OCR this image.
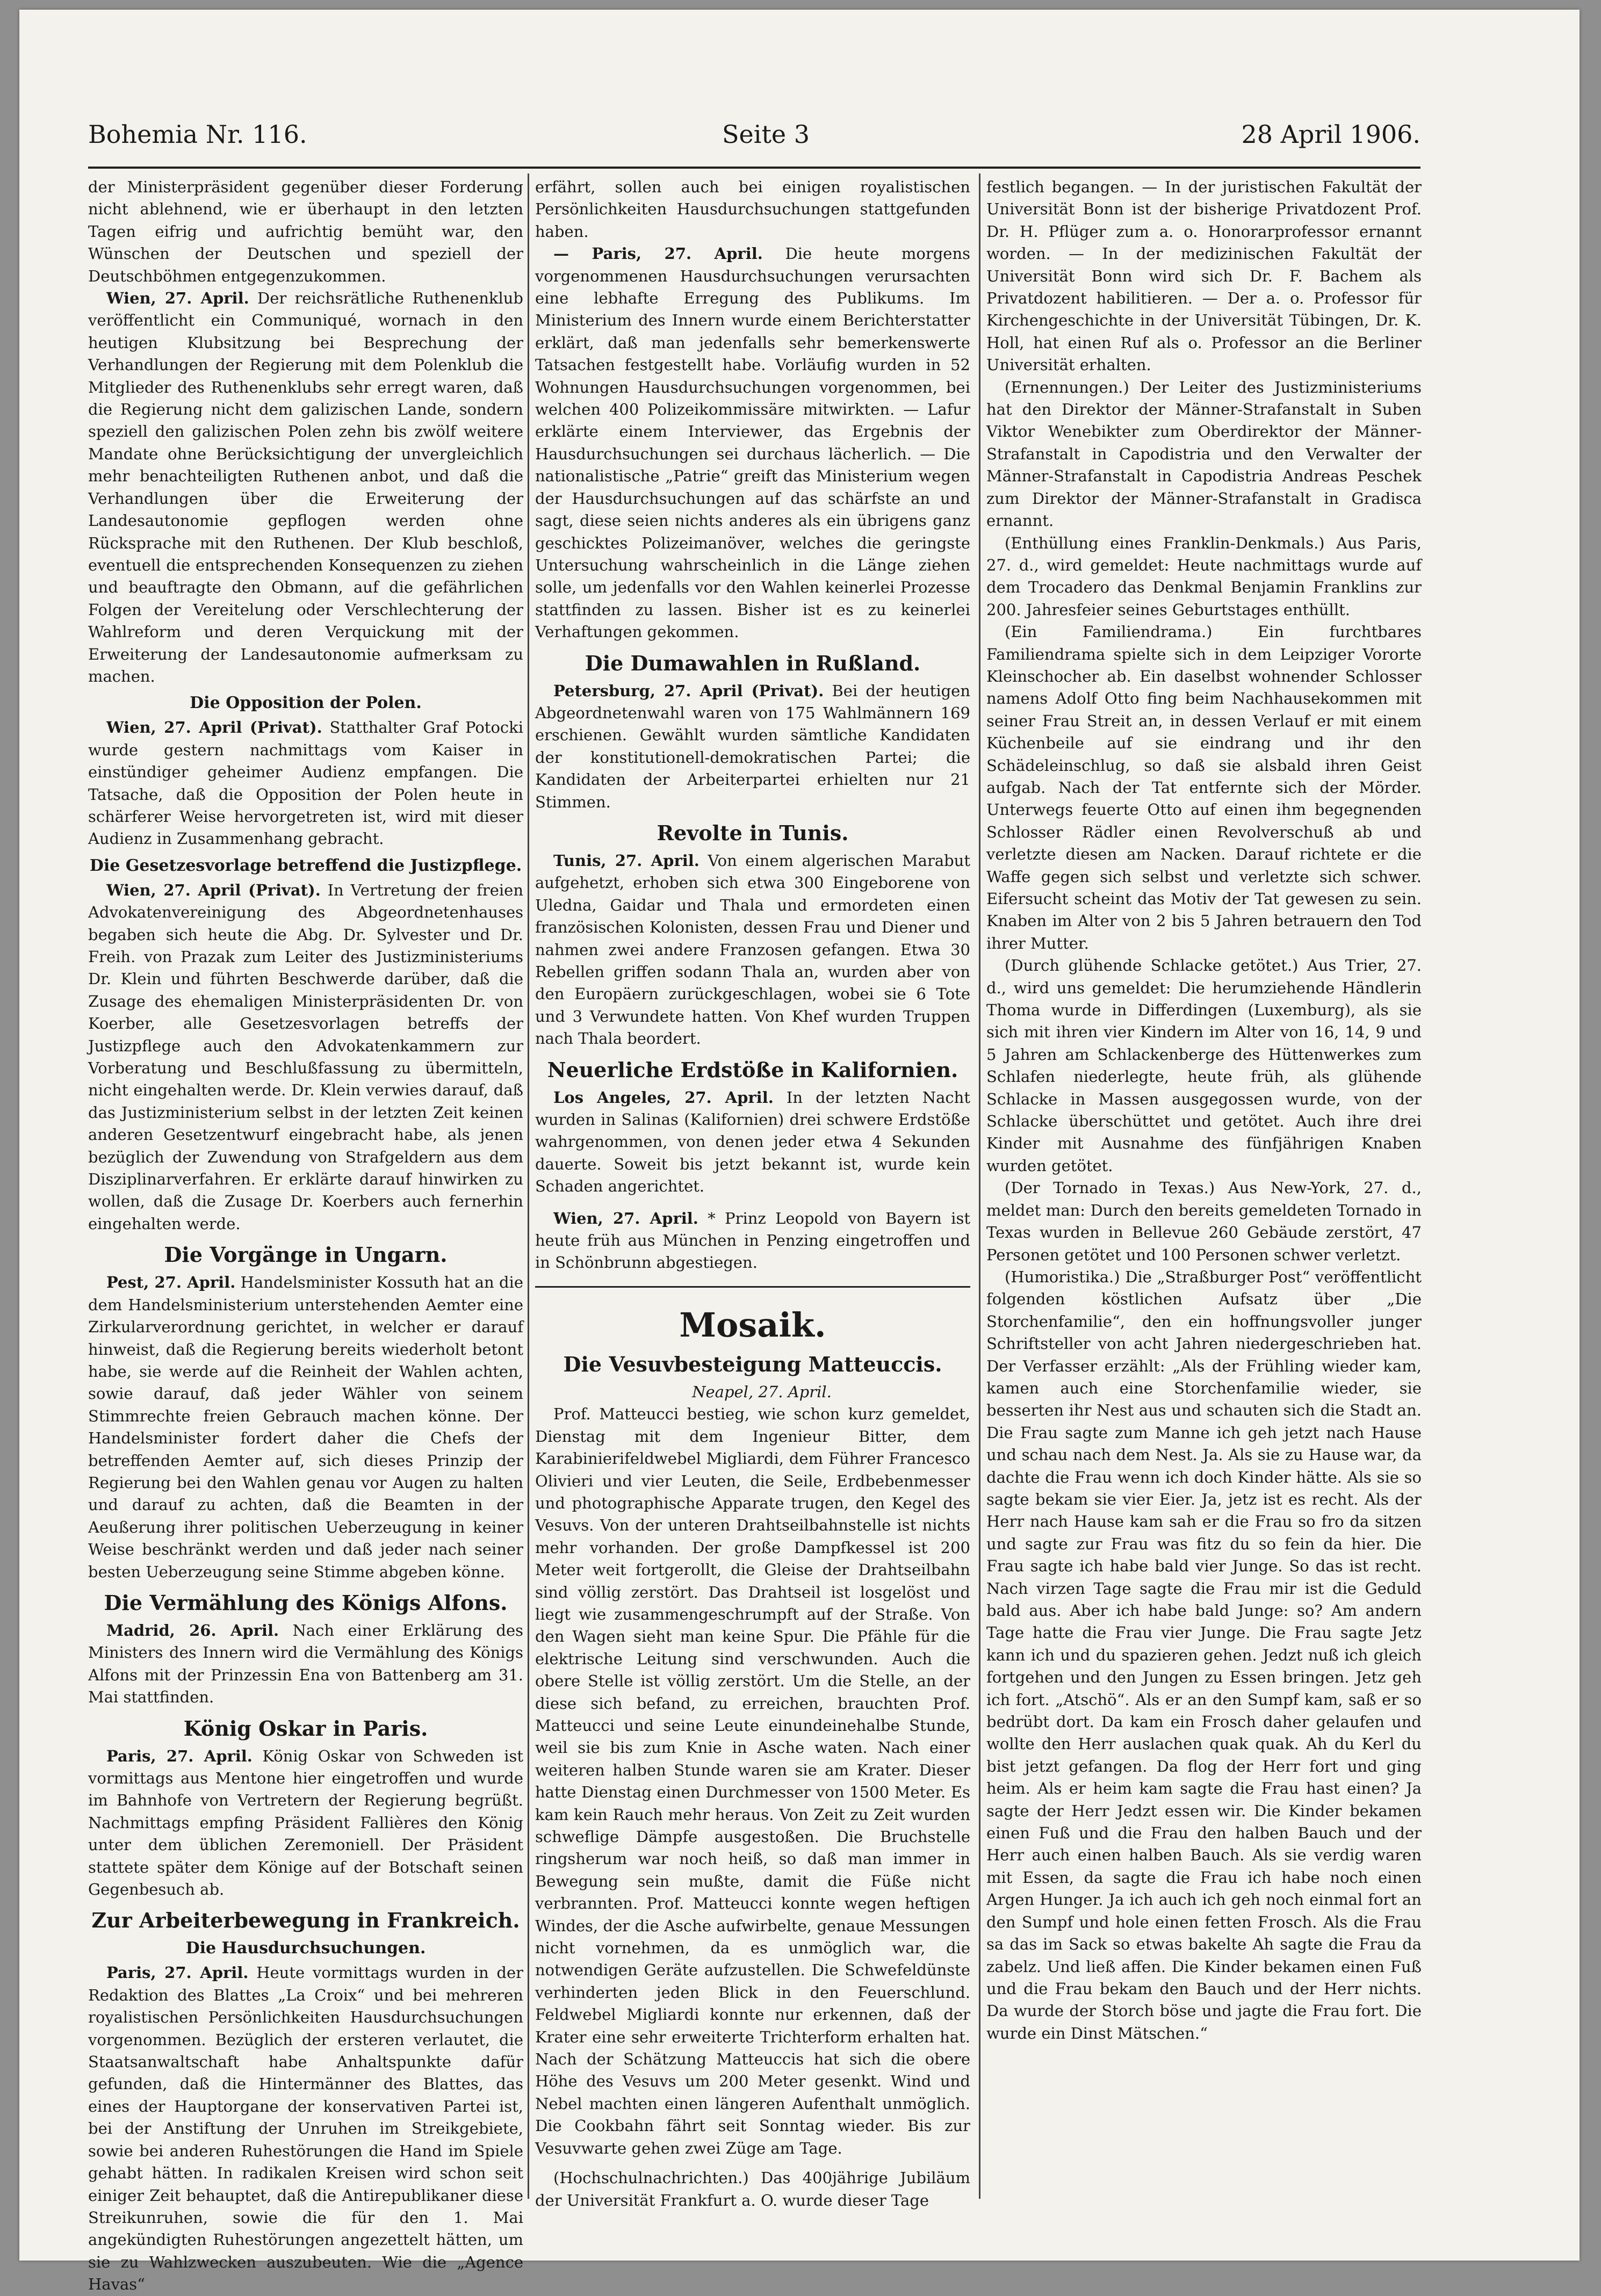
Bohemia Nr. 116.	Seite 3	28 April 1906.

der Ministerpräsident gegenüber dieser Forderung nicht ablehnend, wie er überhaupt in den letzten Tagen eifrig und aufrichtig bemüht war, den Wünschen der Deutschen und speziell der Deutschböhmen entgegenzukommen.

Wien, 27. April. Der reichsrätliche Ruthenenklub veröffentlicht ein Communiqué, wornach in den heutigen Klubsitzung bei Besprechung der Verhandlungen der Regierung mit dem Polenklub die Mitglieder des Ruthenenklubs sehr erregt waren, daß die Regierung nicht dem galizischen Lande, sondern speziell den galizischen Polen zehn bis zwölf weitere Mandate ohne Berücksichtigung der unvergleichlich mehr benachteiligten Ruthenen anbot, und daß die Verhandlungen über die Erweiterung der Landesautonomie gepflogen werden ohne Rücksprache mit den Ruthenen. Der Klub beschloß, eventuell die entsprechenden Konsequenzen zu ziehen und beauftragte den Obmann, auf die gefährlichen Folgen der Vereitelung oder Verschlechterung der Wahlreform und deren Verquickung mit der Erweiterung der Landesautonomie aufmerksam zu machen.

Die Opposition der Polen.

Wien, 27. April (Privat). Statthalter Graf Potocki wurde gestern nachmittags vom Kaiser in einstündiger geheimer Audienz empfangen. Die Tatsache, daß die Opposition der Polen heute in schärferer Weise hervorgetreten ist, wird mit dieser Audienz in Zusammenhang gebracht.

Die Gesetzesvorlage betreffend die Justizpflege.

Wien, 27. April (Privat). In Vertretung der freien Advokatenvereinigung des Abgeordnetenhauses begaben sich heute die Abg. Dr. Sylvester und Dr. Freih. von Prazak zum Leiter des Justizministeriums Dr. Klein und führten Beschwerde darüber, daß die Zusage des ehemaligen Ministerpräsidenten Dr. von Koerber, alle Gesetzesvorlagen betreffs der Justizpflege auch den Advokatenkammern zur Vorberatung und Beschlußfassung zu übermitteln, nicht eingehalten werde. Dr. Klein verwies darauf, daß das Justizministerium selbst in der letzten Zeit keinen anderen Gesetzentwurf eingebracht habe, als jenen bezüglich der Zuwendung von Strafgeldern aus dem Disziplinarverfahren. Er erklärte darauf hinwirken zu wollen, daß die Zusage Dr. Koerbers auch fernerhin eingehalten werde.

Die Vorgänge in Ungarn.

Pest, 27. April. Handelsminister Kossuth hat an die dem Handelsministerium unterstehenden Aemter eine Zirkularverordnung gerichtet, in welcher er darauf hinweist, daß die Regierung bereits wiederholt betont habe, sie werde auf die Reinheit der Wahlen achten, sowie darauf, daß jeder Wähler von seinem Stimmrechte freien Gebrauch machen könne. Der Handelsminister fordert daher die Chefs der betreffenden Aemter auf, sich dieses Prinzip der Regierung bei den Wahlen genau vor Augen zu halten und darauf zu achten, daß die Beamten in der Aeußerung ihrer politischen Ueberzeugung in keiner Weise beschränkt werden und daß jeder nach seiner besten Ueberzeugung seine Stimme abgeben könne.

Die Vermählung des Königs Alfons.

Madrid, 26. April. Nach einer Erklärung des Ministers des Innern wird die Vermählung des Königs Alfons mit der Prinzessin Ena von Battenberg am 31. Mai stattfinden.

König Oskar in Paris.

Paris, 27. April. König Oskar von Schweden ist vormittags aus Mentone hier eingetroffen und wurde im Bahnhofe von Vertretern der Regierung begrüßt. Nachmittags empfing Präsident Fallières den König unter dem üblichen Zeremoniell. Der Präsident stattete später dem Könige auf der Botschaft seinen Gegenbesuch ab.

Zur Arbeiterbewegung in Frankreich.
Die Hausdurchsuchungen.

Paris, 27. April. Heute vormittags wurden in der Redaktion des Blattes „La Croix“ und bei mehreren royalistischen Persönlichkeiten Hausdurchsuchungen vorgenommen. Bezüglich der ersteren verlautet, die Staatsanwaltschaft habe Anhaltspunkte dafür gefunden, daß die Hintermänner des Blattes, das eines der Hauptorgane der konservativen Partei ist, bei der Anstiftung der Unruhen im Streikgebiete, sowie bei anderen Ruhestörungen die Hand im Spiele gehabt hätten. In radikalen Kreisen wird schon seit einiger Zeit behauptet, daß die Antirepublikaner diese Streikunruhen, sowie die für den 1. Mai angekündigten Ruhestörungen angezettelt hätten, um sie zu Wahlzwecken auszubeuten. Wie die „Agence Havas“

erfährt, sollen auch bei einigen royalistischen Persönlichkeiten Hausdurchsuchungen stattgefunden haben.

— Paris, 27. April. Die heute morgens vorgenommenen Hausdurchsuchungen verursachten eine lebhafte Erregung des Publikums. Im Ministerium des Innern wurde einem Berichterstatter erklärt, daß man jedenfalls sehr bemerkenswerte Tatsachen festgestellt habe. Vorläufig wurden in 52 Wohnungen Hausdurchsuchungen vorgenommen, bei welchen 400 Polizeikommissäre mitwirkten. — Lafur erklärte einem Interviewer, das Ergebnis der Hausdurchsuchungen sei durchaus lächerlich. — Die nationalistische „Patrie“ greift das Ministerium wegen der Hausdurchsuchungen auf das schärfste an und sagt, diese seien nichts anderes als ein übrigens ganz geschicktes Polizeimanöver, welches die geringste Untersuchung wahrscheinlich in die Länge ziehen solle, um jedenfalls vor den Wahlen keinerlei Prozesse stattfinden zu lassen. Bisher ist es zu keinerlei Verhaftungen gekommen.

Die Dumawahlen in Rußland.

Petersburg, 27. April (Privat). Bei der heutigen Abgeordnetenwahl waren von 175 Wahlmännern 169 erschienen. Gewählt wurden sämtliche Kandidaten der konstitutionell-demokratischen Partei; die Kandidaten der Arbeiterpartei erhielten nur 21 Stimmen.

Revolte in Tunis.

Tunis, 27. April. Von einem algerischen Marabut aufgehetzt, erhoben sich etwa 300 Eingeborene von Uledna, Gaidar und Thala und ermordeten einen französischen Kolonisten, dessen Frau und Diener und nahmen zwei andere Franzosen gefangen. Etwa 30 Rebellen griffen sodann Thala an, wurden aber von den Europäern zurückgeschlagen, wobei sie 6 Tote und 3 Verwundete hatten. Von Khef wurden Truppen nach Thala beordert.

Neuerliche Erdstöße in Kalifornien.

Los Angeles, 27. April. In der letzten Nacht wurden in Salinas (Kalifornien) drei schwere Erdstöße wahrgenommen, von denen jeder etwa 4 Sekunden dauerte. Soweit bis jetzt bekannt ist, wurde kein Schaden angerichtet.

Wien, 27. April. * Prinz Leopold von Bayern ist heute früh aus München in Penzing eingetroffen und in Schönbrunn abgestiegen.

Mosaik.
Die Vesuvbesteigung Matteuccis.

Neapel, 27. April.

Prof. Matteucci bestieg, wie schon kurz gemeldet, Dienstag mit dem Ingenieur Bitter, dem Karabinierifeldwebel Migliardi, dem Führer Francesco Olivieri und vier Leuten, die Seile, Erdbebenmesser und photographische Apparate trugen, den Kegel des Vesuvs. Von der unteren Drahtseilbahnstelle ist nichts mehr vorhanden. Der große Dampfkessel ist 200 Meter weit fortgerollt, die Gleise der Drahtseilbahn sind völlig zerstört. Das Drahtseil ist losgelöst und liegt wie zusammengeschrumpft auf der Straße. Von den Wagen sieht man keine Spur. Die Pfähle für die elektrische Leitung sind verschwunden. Auch die obere Stelle ist völlig zerstört. Um die Stelle, an der diese sich befand, zu erreichen, brauchten Prof. Matteucci und seine Leute einundeinehalbe Stunde, weil sie bis zum Knie in Asche waten. Nach einer weiteren halben Stunde waren sie am Krater. Dieser hatte Dienstag einen Durchmesser von 1500 Meter. Es kam kein Rauch mehr heraus. Von Zeit zu Zeit wurden schweflige Dämpfe ausgestoßen. Die Bruchstelle ringsherum war noch heiß, so daß man immer in Bewegung sein mußte, damit die Füße nicht verbrannten. Prof. Matteucci konnte wegen heftigen Windes, der die Asche aufwirbelte, genaue Messungen nicht vornehmen, da es unmöglich war, die notwendigen Geräte aufzustellen. Die Schwefeldünste verhinderten jeden Blick in den Feuerschlund. Feldwebel Migliardi konnte nur erkennen, daß der Krater eine sehr erweiterte Trichterform erhalten hat. Nach der Schätzung Matteuccis hat sich die obere Höhe des Vesuvs um 200 Meter gesenkt. Wind und Nebel machten einen längeren Aufenthalt unmöglich. Die Cookbahn fährt seit Sonntag wieder. Bis zur Vesuvwarte gehen zwei Züge am Tage.

(Hochschulnachrichten.) Das 400jährige Jubiläum der Universität Frankfurt a. O. wurde dieser Tage

festlich begangen. — In der juristischen Fakultät der Universität Bonn ist der bisherige Privatdozent Prof. Dr. H. Pflüger zum a. o. Honorarprofessor ernannt worden. — In der medizinischen Fakultät der Universität Bonn wird sich Dr. F. Bachem als Privatdozent habilitieren. — Der a. o. Professor für Kirchengeschichte in der Universität Tübingen, Dr. K. Holl, hat einen Ruf als o. Professor an die Berliner Universität erhalten.

(Ernennungen.) Der Leiter des Justizministeriums hat den Direktor der Männer-Strafanstalt in Suben Viktor Wenebikter zum Oberdirektor der Männer-Strafanstalt in Capodistria und den Verwalter der Männer-Strafanstalt in Capodistria Andreas Peschek zum Direktor der Männer-Strafanstalt in Gradisca ernannt.

(Enthüllung eines Franklin-Denkmals.) Aus Paris, 27. d., wird gemeldet: Heute nachmittags wurde auf dem Trocadero das Denkmal Benjamin Franklins zur 200. Jahresfeier seines Geburtstages enthüllt.

(Ein Familiendrama.) Ein furchtbares Familiendrama spielte sich in dem Leipziger Vororte Kleinschocher ab. Ein daselbst wohnender Schlosser namens Adolf Otto fing beim Nachhausekommen mit seiner Frau Streit an, in dessen Verlauf er mit einem Küchenbeile auf sie eindrang und ihr den Schädeleinschlug, so daß sie alsbald ihren Geist aufgab. Nach der Tat entfernte sich der Mörder. Unterwegs feuerte Otto auf einen ihm begegnenden Schlosser Rädler einen Revolverschuß ab und verletzte diesen am Nacken. Darauf richtete er die Waffe gegen sich selbst und verletzte sich schwer. Eifersucht scheint das Motiv der Tat gewesen zu sein. Knaben im Alter von 2 bis 5 Jahren betrauern den Tod ihrer Mutter.

(Durch glühende Schlacke getötet.) Aus Trier, 27. d., wird uns gemeldet: Die herumziehende Händlerin Thoma wurde in Differdingen (Luxemburg), als sie sich mit ihren vier Kindern im Alter von 16, 14, 9 und 5 Jahren am Schlackenberge des Hüttenwerkes zum Schlafen niederlegte, heute früh, als glühende Schlacke in Massen ausgegossen wurde, von der Schlacke überschüttet und getötet. Auch ihre drei Kinder mit Ausnahme des fünfjährigen Knaben wurden getötet.

(Der Tornado in Texas.) Aus New-York, 27. d., meldet man: Durch den bereits gemeldeten Tornado in Texas wurden in Bellevue 260 Gebäude zerstört, 47 Personen getötet und 100 Personen schwer verletzt.

(Humoristika.) Die „Straßburger Post“ veröffentlicht folgenden köstlichen Aufsatz über „Die Storchenfamilie“, den ein hoffnungsvoller junger Schriftsteller von acht Jahren niedergeschrieben hat. Der Verfasser erzählt: „Als der Frühling wieder kam, kamen auch eine Storchenfamilie wieder, sie besserten ihr Nest aus und schauten sich die Stadt an. Die Frau sagte zum Manne ich geh jetzt nach Hause und schau nach dem Nest. Ja. Als sie zu Hause war, da dachte die Frau wenn ich doch Kinder hätte. Als sie so sagte bekam sie vier Eier. Ja, jetz ist es recht. Als der Herr nach Hause kam sah er die Frau so fro da sitzen und sagte zur Frau was fitz du so fein da hier. Die Frau sagte ich habe bald vier Junge. So das ist recht. Nach virzen Tage sagte die Frau mir ist die Geduld bald aus. Aber ich habe bald Junge: so? Am andern Tage hatte die Frau vier Junge. Die Frau sagte Jetz kann ich und du spazieren gehen. Jedzt nuß ich gleich fortgehen und den Jungen zu Essen bringen. Jetz geh ich fort. „Atschö“. Als er an den Sumpf kam, saß er so bedrübt dort. Da kam ein Frosch daher gelaufen und wollte den Herr auslachen quak quak. Ah du Kerl du bist jetzt gefangen. Da flog der Herr fort und ging heim. Als er heim kam sagte die Frau hast einen? Ja sagte der Herr Jedzt essen wir. Die Kinder bekamen einen Fuß und die Frau den halben Bauch und der Herr auch einen halben Bauch. Als sie verdig waren mit Essen, da sagte die Frau ich habe noch einen Argen Hunger. Ja ich auch ich geh noch einmal fort an den Sumpf und hole einen fetten Frosch. Als die Frau sa das im Sack so etwas bakelte Ah sagte die Frau da zabelz. Und ließ affen. Die Kinder bekamen einen Fuß und die Frau bekam den Bauch und der Herr nichts. Da wurde der Storch böse und jagte die Frau fort. Die wurde ein Dinst Mätschen.“
